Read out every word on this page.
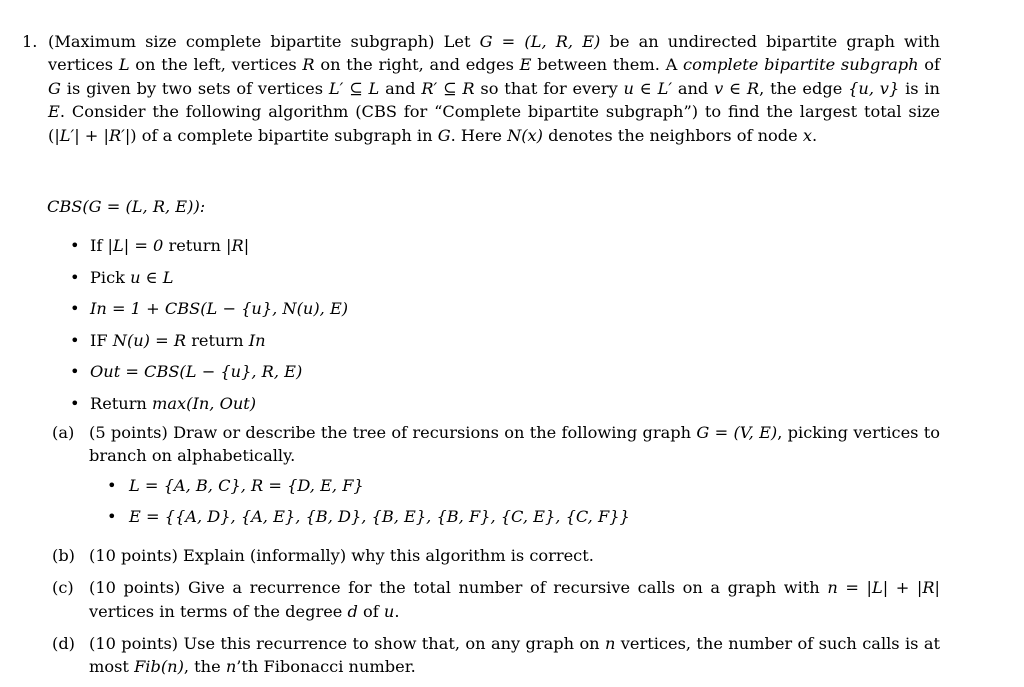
1. (Maximum size complete bipartite subgraph) Let G = (L, R, E) be an undirected bipartite graph with vertices L on the left, vertices R on the right, and edges E between them. A complete bipartite subgraph of G is given by two sets of vertices L′ ⊆ L and R′ ⊆ R so that for every u ∈ L′ and v ∈ R, the edge {u, v} is in E. Consider the following algorithm (CBS for “Complete bipartite subgraph”) to find the largest total size (|L′| + |R′|) of a complete bipartite subgraph in G. Here N(x) denotes the neighbors of node x.
CBS(G = (L, R, E)):
• If |L| = 0 return |R|
• Pick u ∈ L
• In = 1 + CBS(L − {u}, N(u), E)
• IF N(u) = R return In
• Out = CBS(L − {u}, R, E)
• Return max(In, Out)
(a) (5 points) Draw or describe the tree of recursions on the following graph G = (V, E), picking vertices to branch on alphabetically.
• L = {A, B, C}, R = {D, E, F}
• E = {{A, D}, {A, E}, {B, D}, {B, E}, {B, F}, {C, E}, {C, F}}
(b) (10 points) Explain (informally) why this algorithm is correct.
(c) (10 points) Give a recurrence for the total number of recursive calls on a graph with n = |L| + |R| vertices in terms of the degree d of u.
(d) (10 points) Use this recurrence to show that, on any graph on n vertices, the number of such calls is at most Fib(n), the n’th Fibonacci number.
